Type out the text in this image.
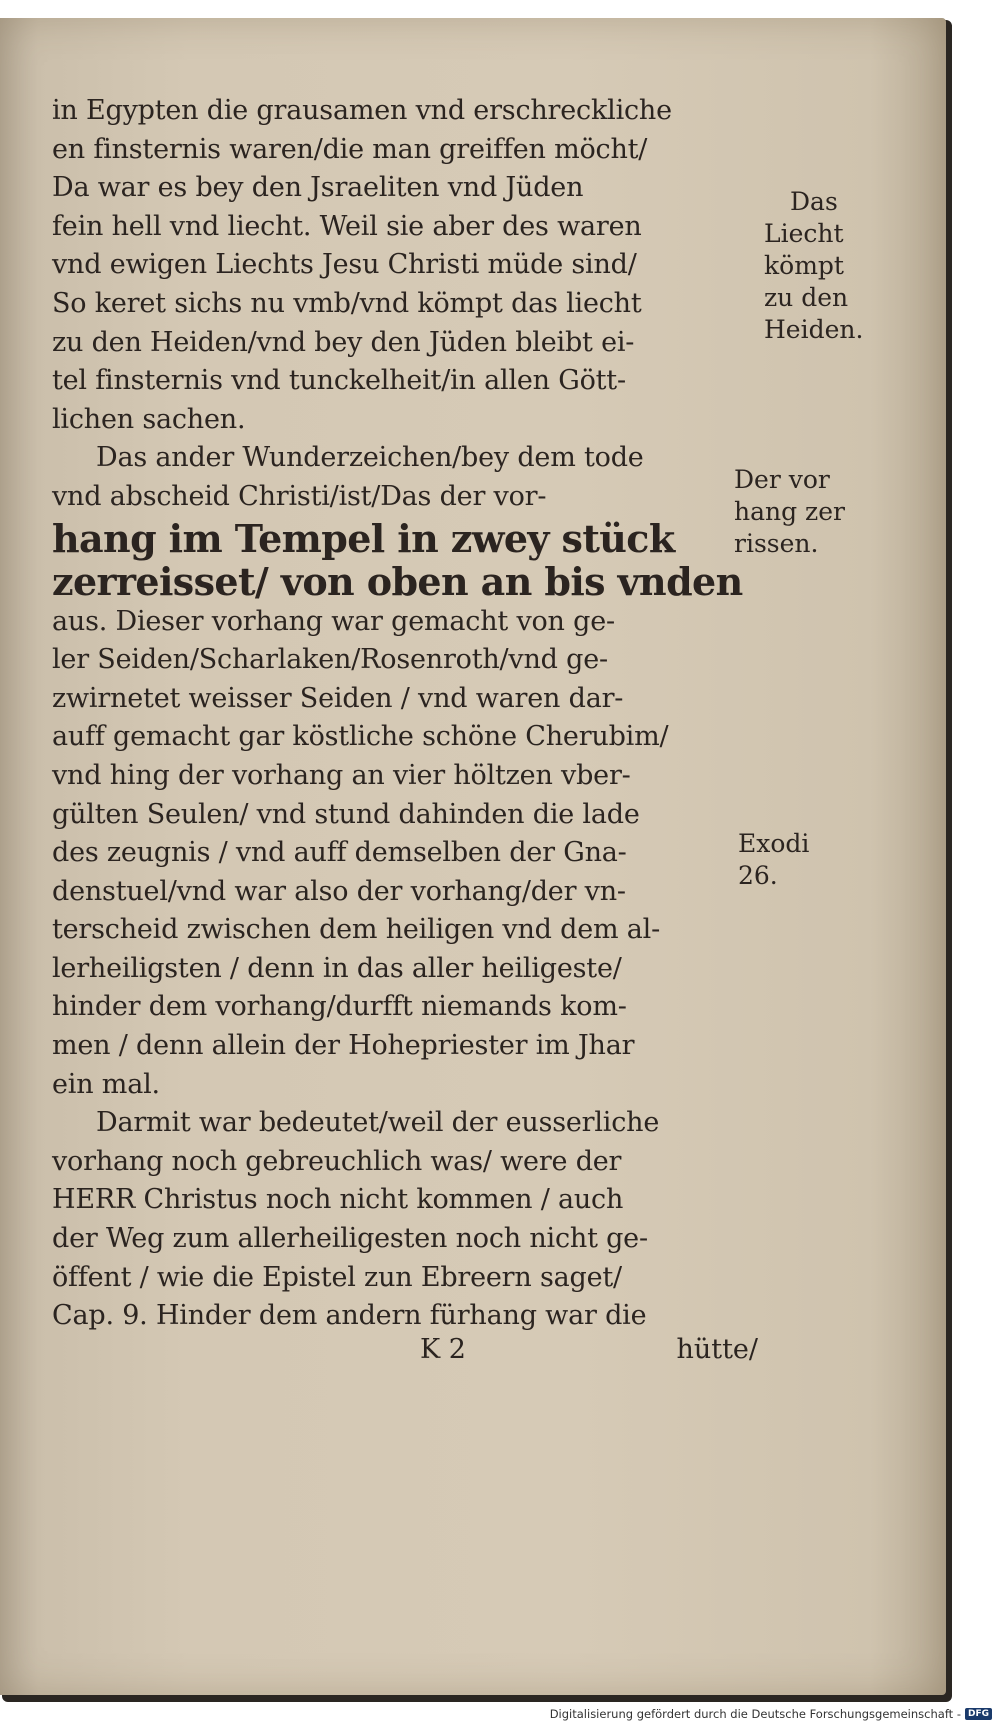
in Egypten die grausamen vnd erschreckliche
en finsternis waren/die man greiffen möcht/
Da war es bey den Jsraeliten vnd Jüden
fein hell vnd liecht. Weil sie aber des waren
vnd ewigen Liechts Jesu Christi müde sind/
So keret sichs nu vmb/vnd kömpt das liecht
zu den Heiden/vnd bey den Jüden bleibt ei-
tel finsternis vnd tunckelheit/in allen Gött-
lichen sachen.
Das ander Wunderzeichen/bey dem tode
vnd abscheid Christi/ist/Das der vor-
hang im Tempel in zwey stück
zerreisset/ von oben an bis vnden
aus. Dieser vorhang war gemacht von ge-
ler Seiden/Scharlaken/Rosenroth/vnd ge-
zwirnetet weisser Seiden / vnd waren dar-
auff gemacht gar köstliche schöne Cherubim/
vnd hing der vorhang an vier höltzen vber-
gülten Seulen/ vnd stund dahinden die lade
des zeugnis / vnd auff demselben der Gna-
denstuel/vnd war also der vorhang/der vn-
terscheid zwischen dem heiligen vnd dem al-
lerheiligsten / denn in das aller heiligeste/
hinder dem vorhang/durfft niemands kom-
men / denn allein der Hohepriester im Jhar
ein mal.
Darmit war bedeutet/weil der eusserliche
vorhang noch gebreuchlich was/ were der
HERR Christus noch nicht kommen / auch
der Weg zum allerheiligesten noch nicht ge-
öffent / wie die Epistel zun Ebreern saget/
Cap. 9. Hinder dem andern fürhang war die
Das
Liecht
kömpt
zu den
Heiden.
Der vor
hang zer
rissen.
Exodi
26.
K 2	hütte/
Digitalisierung gefördert durch die Deutsche Forschungsgemeinschaft - DFG
